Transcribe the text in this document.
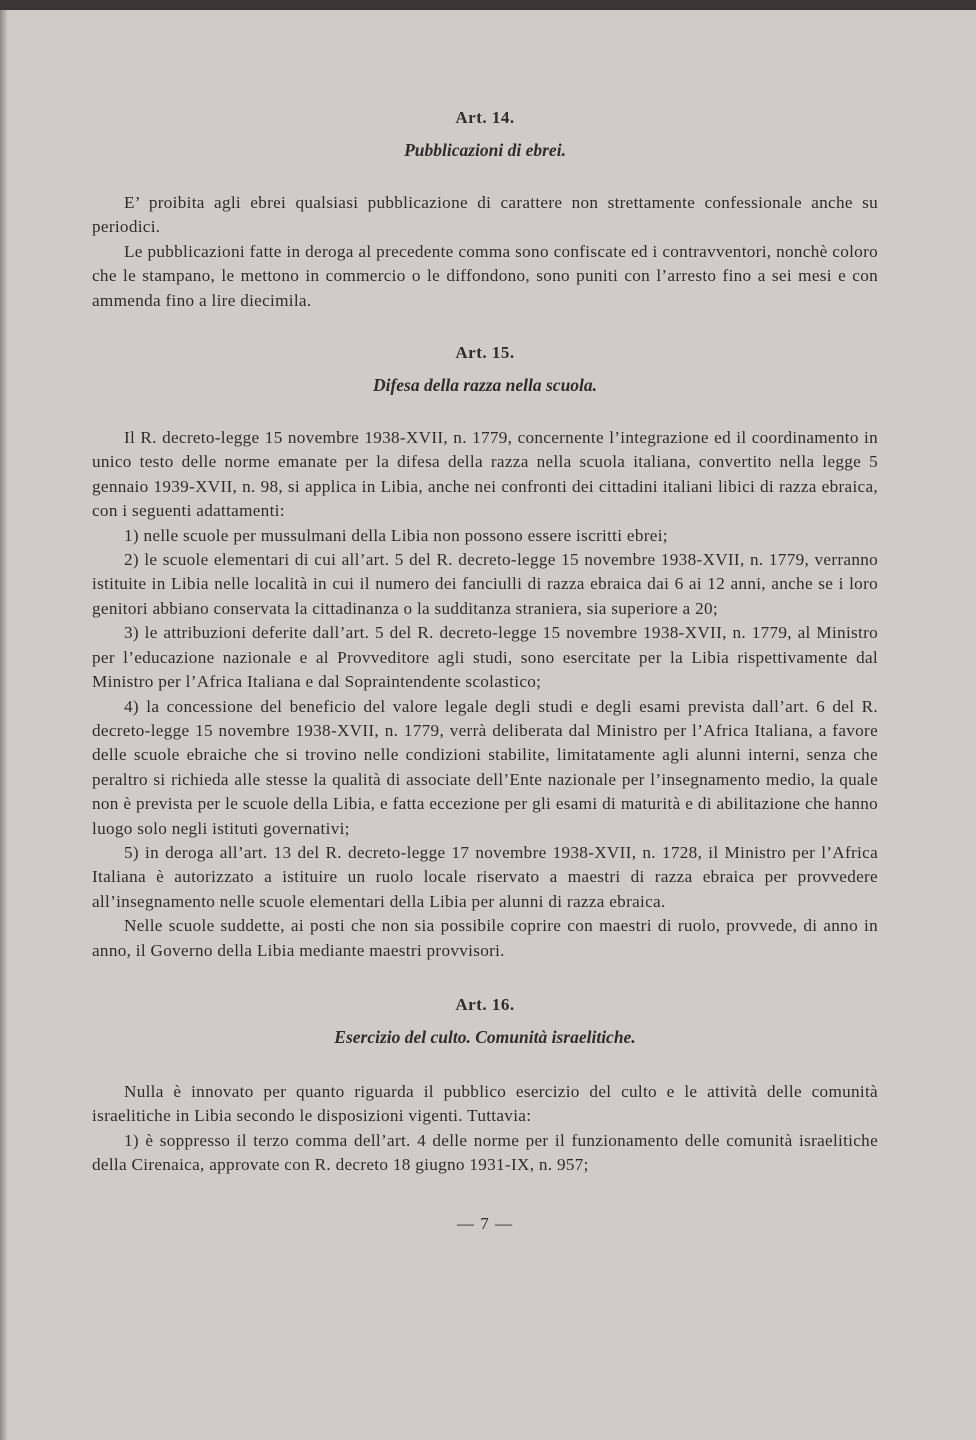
Art. 14.
Pubblicazioni di ebrei.

E’ proibita agli ebrei qualsiasi pubblicazione di carattere non strettamente confessionale anche su periodici.

Le pubblicazioni fatte in deroga al precedente comma sono confiscate ed i contravventori, nonchè coloro che le stampano, le mettono in commercio o le diffondono, sono puniti con l’arresto fino a sei mesi e con ammenda fino a lire diecimila.

Art. 15.
Difesa della razza nella scuola.

Il R. decreto-legge 15 novembre 1938-XVII, n. 1779, concernente l’integrazione ed il coordinamento in unico testo delle norme emanate per la difesa della razza nella scuola italiana, convertito nella legge 5 gennaio 1939-XVII, n. 98, si applica in Libia, anche nei confronti dei cittadini italiani libici di razza ebraica, con i seguenti adattamenti:

1) nelle scuole per mussulmani della Libia non possono essere iscritti ebrei;

2) le scuole elementari di cui all’art. 5 del R. decreto-legge 15 novembre 1938-XVII, n. 1779, verranno istituite in Libia nelle località in cui il numero dei fanciulli di razza ebraica dai 6 ai 12 anni, anche se i loro genitori abbiano conservata la cittadinanza o la sudditanza straniera, sia superiore a 20;

3) le attribuzioni deferite dall’art. 5 del R. decreto-legge 15 novembre 1938-XVII, n. 1779, al Ministro per l’educazione nazionale e al Provveditore agli studi, sono esercitate per la Libia rispettivamente dal Ministro per l’Africa Italiana e dal Sopraintendente scolastico;

4) la concessione del beneficio del valore legale degli studi e degli esami prevista dall’art. 6 del R. decreto-legge 15 novembre 1938-XVII, n. 1779, verrà deliberata dal Ministro per l’Africa Italiana, a favore delle scuole ebraiche che si trovino nelle condizioni stabilite, limitatamente agli alunni interni, senza che peraltro si richieda alle stesse la qualità di associate dell’Ente nazionale per l’insegnamento medio, la quale non è prevista per le scuole della Libia, e fatta eccezione per gli esami di maturità e di abilitazione che hanno luogo solo negli istituti governativi;

5) in deroga all’art. 13 del R. decreto-legge 17 novembre 1938-XVII, n. 1728, il Ministro per l’Africa Italiana è autorizzato a istituire un ruolo locale riservato a maestri di razza ebraica per provvedere all’insegnamento nelle scuole elementari della Libia per alunni di razza ebraica.

Nelle scuole suddette, ai posti che non sia possibile coprire con maestri di ruolo, provvede, di anno in anno, il Governo della Libia mediante maestri provvisori.

Art. 16.
Esercizio del culto. Comunità israelitiche.

Nulla è innovato per quanto riguarda il pubblico esercizio del culto e le attività delle comunità israelitiche in Libia secondo le disposizioni vigenti. Tuttavia:

1) è soppresso il terzo comma dell’art. 4 delle norme per il funzionamento delle comunità israelitiche della Cirenaica, approvate con R. decreto 18 giugno 1931-IX, n. 957;

— 7 —
